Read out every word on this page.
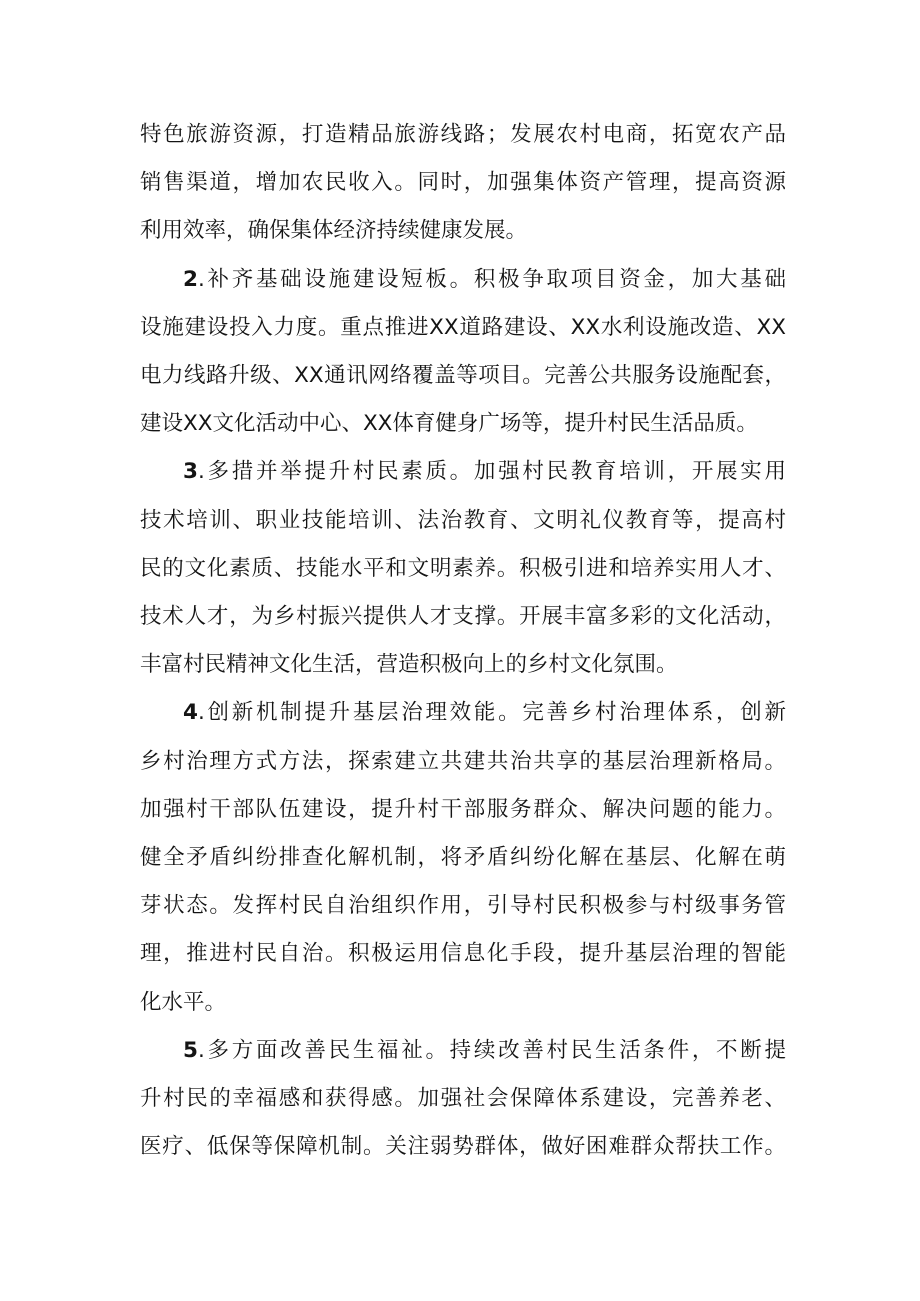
特色旅游资源，打造精品旅游线路；发展农村电商，拓宽农产品
销售渠道，增加农民收入。同时，加强集体资产管理，提高资源
利用效率，确保集体经济持续健康发展。
2.补齐基础设施建设短板。积极争取项目资金，加大基础
设施建设投入力度。重点推进XX道路建设、XX水利设施改造、XX
电力线路升级、XX通讯网络覆盖等项目。完善公共服务设施配套，
建设XX文化活动中心、XX体育健身广场等，提升村民生活品质。
3.多措并举提升村民素质。加强村民教育培训，开展实用
技术培训、职业技能培训、法治教育、文明礼仪教育等，提高村
民的文化素质、技能水平和文明素养。积极引进和培养实用人才、
技术人才，为乡村振兴提供人才支撑。开展丰富多彩的文化活动，
丰富村民精神文化生活，营造积极向上的乡村文化氛围。
4.创新机制提升基层治理效能。完善乡村治理体系，创新
乡村治理方式方法，探索建立共建共治共享的基层治理新格局。
加强村干部队伍建设，提升村干部服务群众、解决问题的能力。
健全矛盾纠纷排查化解机制，将矛盾纠纷化解在基层、化解在萌
芽状态。发挥村民自治组织作用，引导村民积极参与村级事务管
理，推进村民自治。积极运用信息化手段，提升基层治理的智能
化水平。
5.多方面改善民生福祉。持续改善村民生活条件，不断提
升村民的幸福感和获得感。加强社会保障体系建设，完善养老、
医疗、低保等保障机制。关注弱势群体，做好困难群众帮扶工作。
